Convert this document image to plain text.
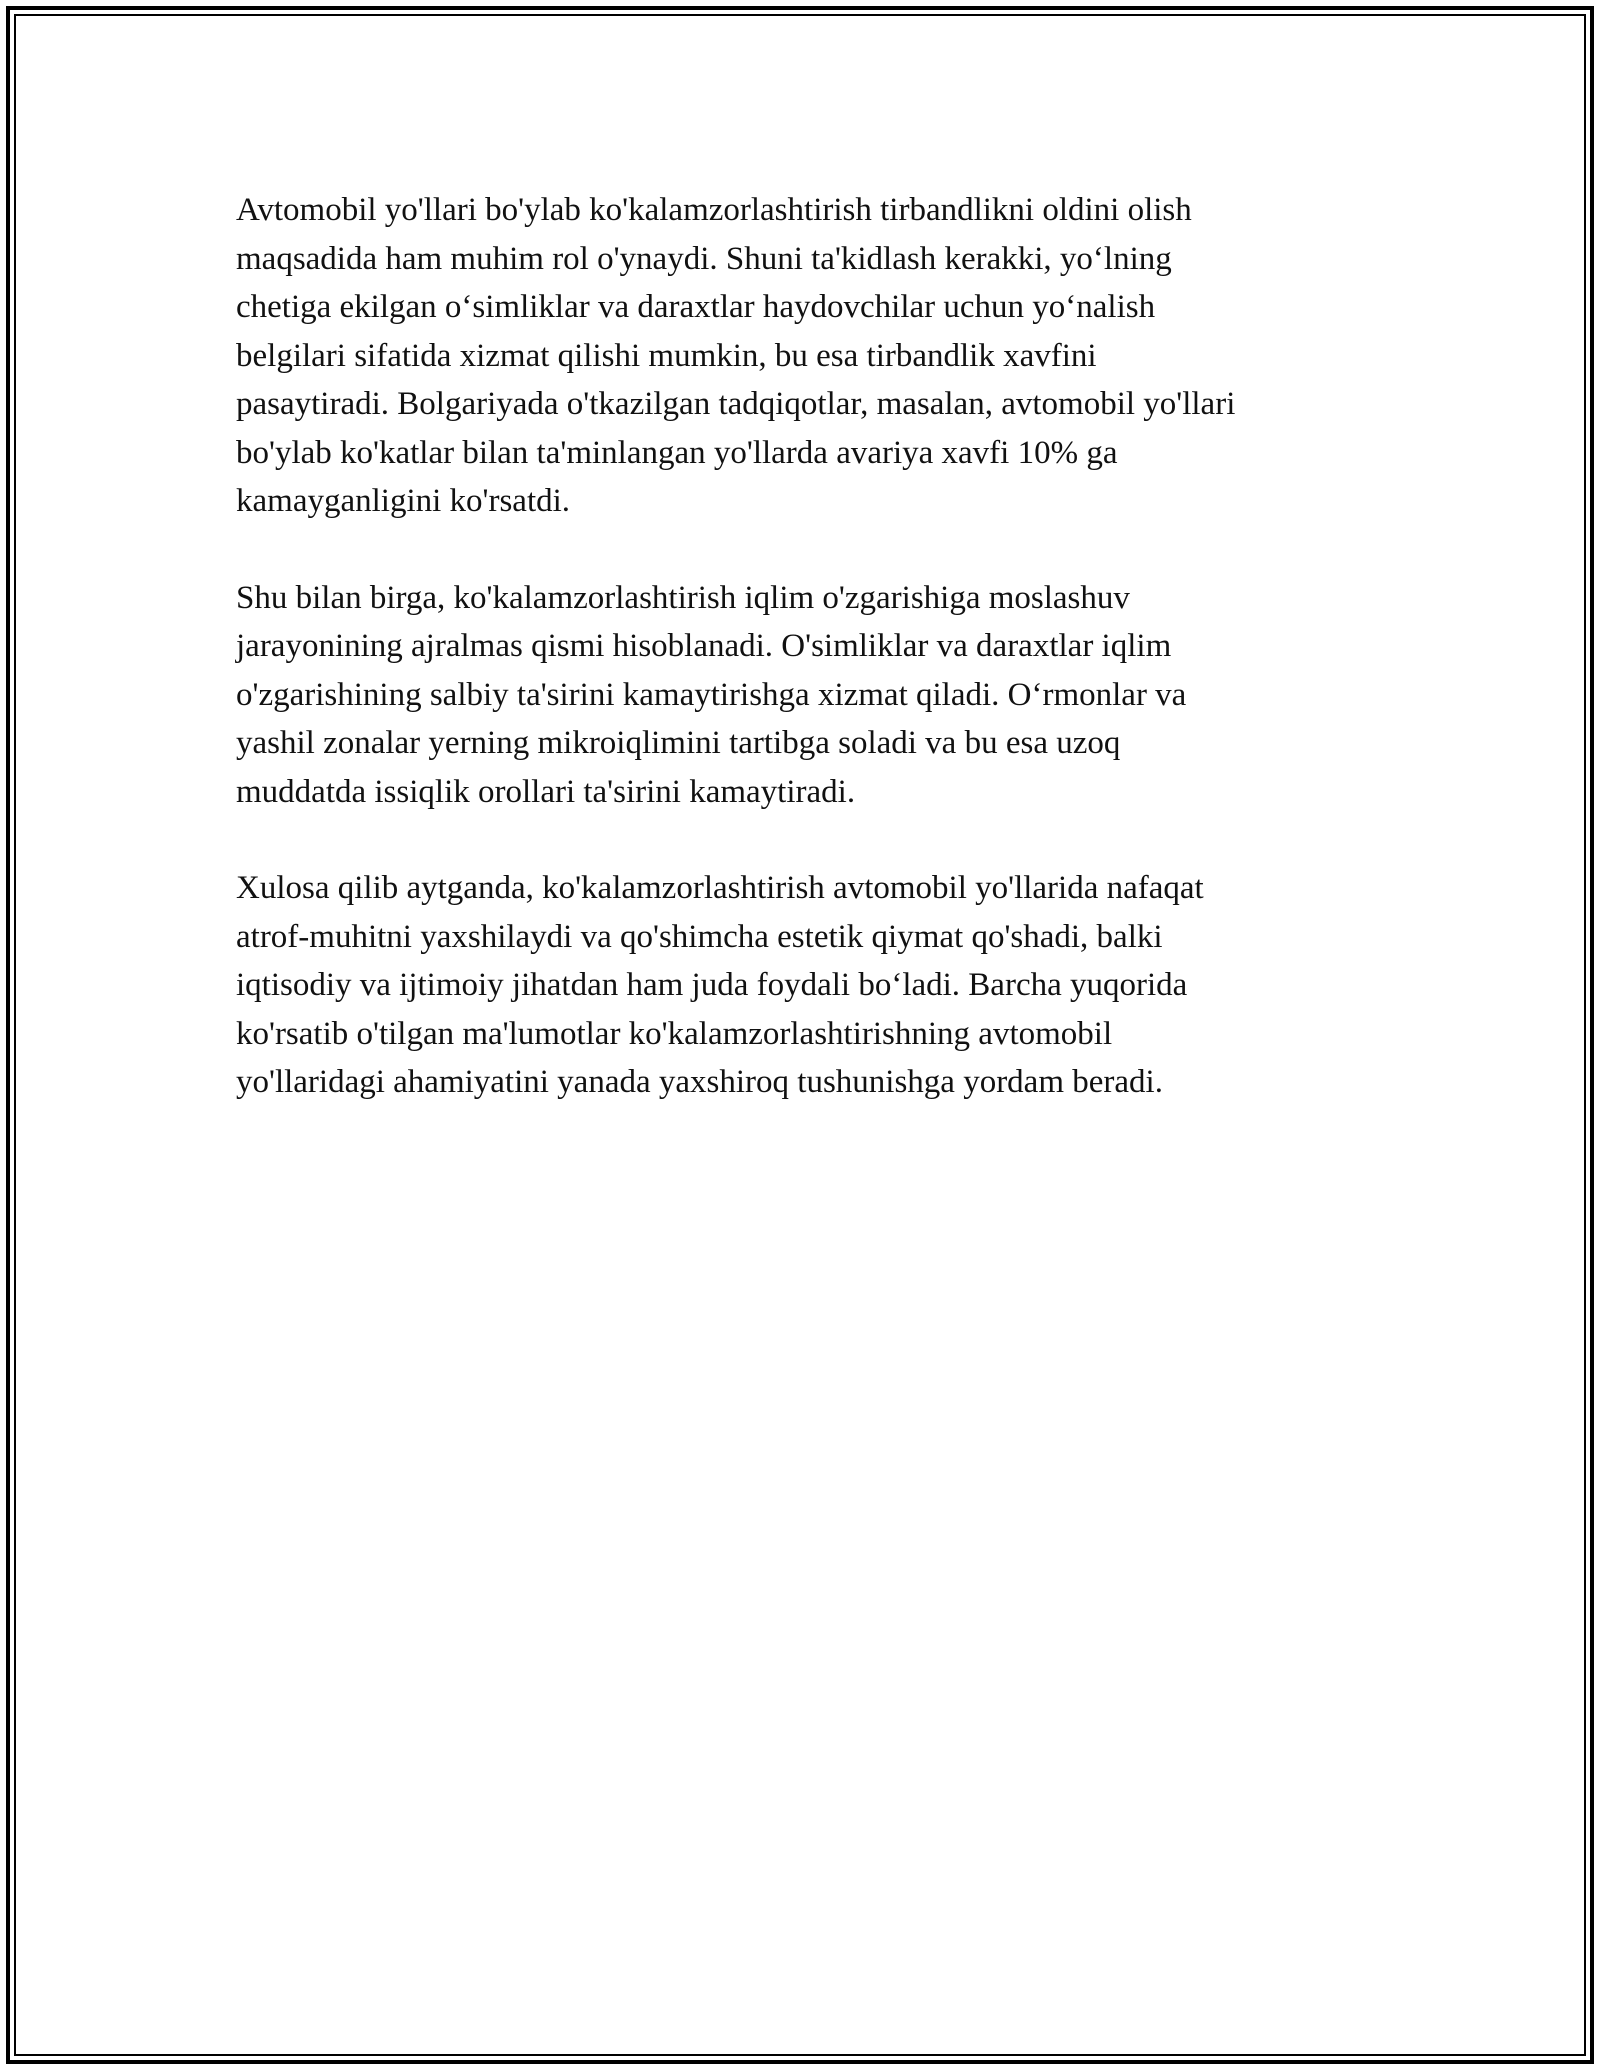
Avtomobil yo'llari bo'ylab ko'kalamzorlashtirish tirbandlikni oldini olish
maqsadida ham muhim rol o'ynaydi. Shuni ta'kidlash kerakki, yo‘lning
chetiga ekilgan o‘simliklar va daraxtlar haydovchilar uchun yo‘nalish
belgilari sifatida xizmat qilishi mumkin, bu esa tirbandlik xavfini
pasaytiradi. Bolgariyada o'tkazilgan tadqiqotlar, masalan, avtomobil yo'llari
bo'ylab ko'katlar bilan ta'minlangan yo'llarda avariya xavfi 10% ga
kamayganligini ko'rsatdi.

Shu bilan birga, ko'kalamzorlashtirish iqlim o'zgarishiga moslashuv
jarayonining ajralmas qismi hisoblanadi. O'simliklar va daraxtlar iqlim
o'zgarishining salbiy ta'sirini kamaytirishga xizmat qiladi. O‘rmonlar va
yashil zonalar yerning mikroiqlimini tartibga soladi va bu esa uzoq
muddatda issiqlik orollari ta'sirini kamaytiradi.

Xulosa qilib aytganda, ko'kalamzorlashtirish avtomobil yo'llarida nafaqat
atrof-muhitni yaxshilaydi va qo'shimcha estetik qiymat qo'shadi, balki
iqtisodiy va ijtimoiy jihatdan ham juda foydali bo‘ladi. Barcha yuqorida
ko'rsatib o'tilgan ma'lumotlar ko'kalamzorlashtirishning avtomobil
yo'llaridagi ahamiyatini yanada yaxshiroq tushunishga yordam beradi.
